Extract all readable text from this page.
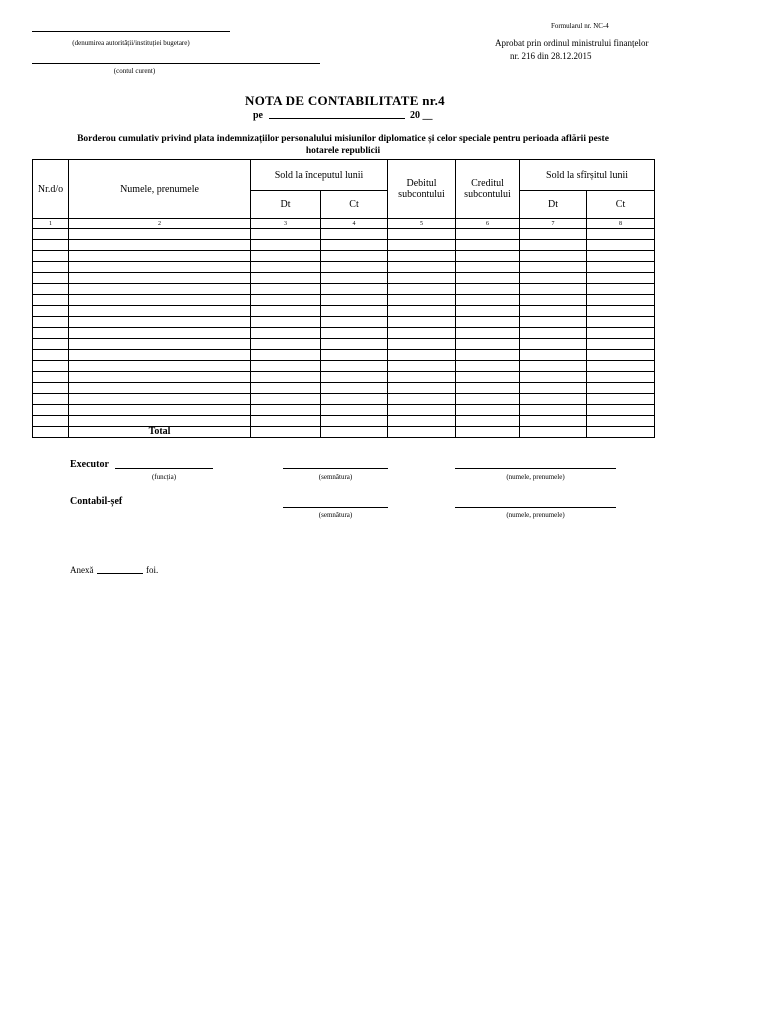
(denumirea autorității/instituției bugetare)
(contul curent)
Formularul nr. NC-4
Aprobat prin ordinul ministrului finanțelor
nr. 216 din 28.12.2015
NOTA DE CONTABILITATE nr.4
pe	20 __
Borderou cumulativ privind plata indemnizațiilor personalului misiunilor diplomatice și celor speciale pentru perioada aflării peste
hotarele republicii
Nr.d/o	Numele, prenumele	Sold la începutul lunii		Debitul subcontului	Creditul subcontului	Sold la sfîrșitul lunii	
		Dt	Ct			Dt	Ct
1	2	3	4	5	6	7	8

	Total						
Executor
(funcția)	(semnătura)	(numele, prenumele)
Contabil-șef
(semnătura)	(numele, prenumele)
Anexă	foi.
